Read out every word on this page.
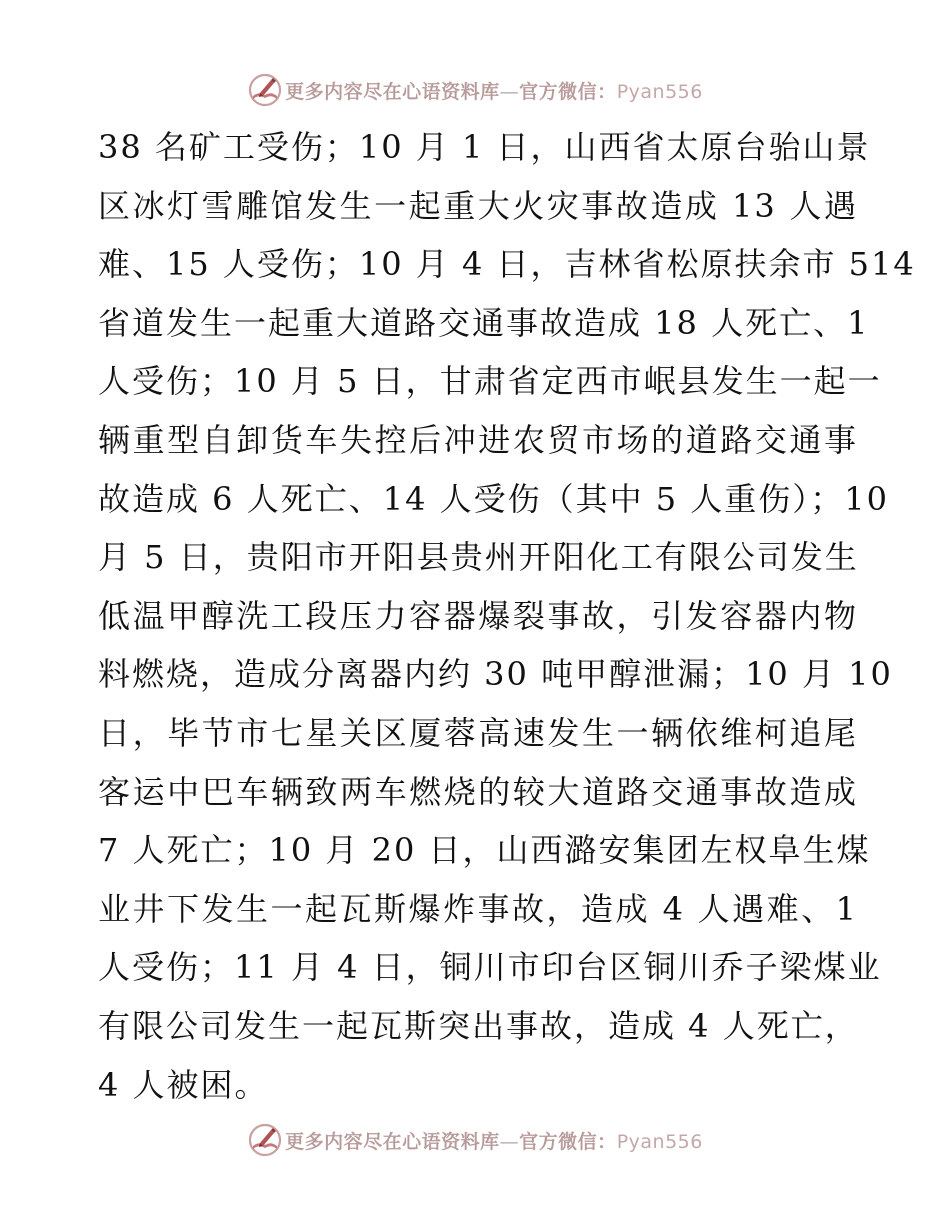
更多内容尽在心语资料库—官方微信：Pyan556
38 名矿工受伤；10 月 1 日，山西省太原台骀山景
区冰灯雪雕馆发生一起重大火灾事故造成 13 人遇
难、15 人受伤；10 月 4 日，吉林省松原扶余市 514
省道发生一起重大道路交通事故造成 18 人死亡、1
人受伤；10 月 5 日，甘肃省定西市岷县发生一起一
辆重型自卸货车失控后冲进农贸市场的道路交通事
故造成 6 人死亡、14 人受伤（其中 5 人重伤）；10
月 5 日，贵阳市开阳县贵州开阳化工有限公司发生
低温甲醇洗工段压力容器爆裂事故，引发容器内物
料燃烧，造成分离器内约 30 吨甲醇泄漏；10 月 10
日，毕节市七星关区厦蓉高速发生一辆依维柯追尾
客运中巴车辆致两车燃烧的较大道路交通事故造成
7 人死亡；10 月 20 日，山西潞安集团左权阜生煤
业井下发生一起瓦斯爆炸事故，造成 4 人遇难、1
人受伤；11 月 4 日，铜川市印台区铜川乔子梁煤业
有限公司发生一起瓦斯突出事故，造成 4 人死亡，
4 人被困。
更多内容尽在心语资料库—官方微信：Pyan556
